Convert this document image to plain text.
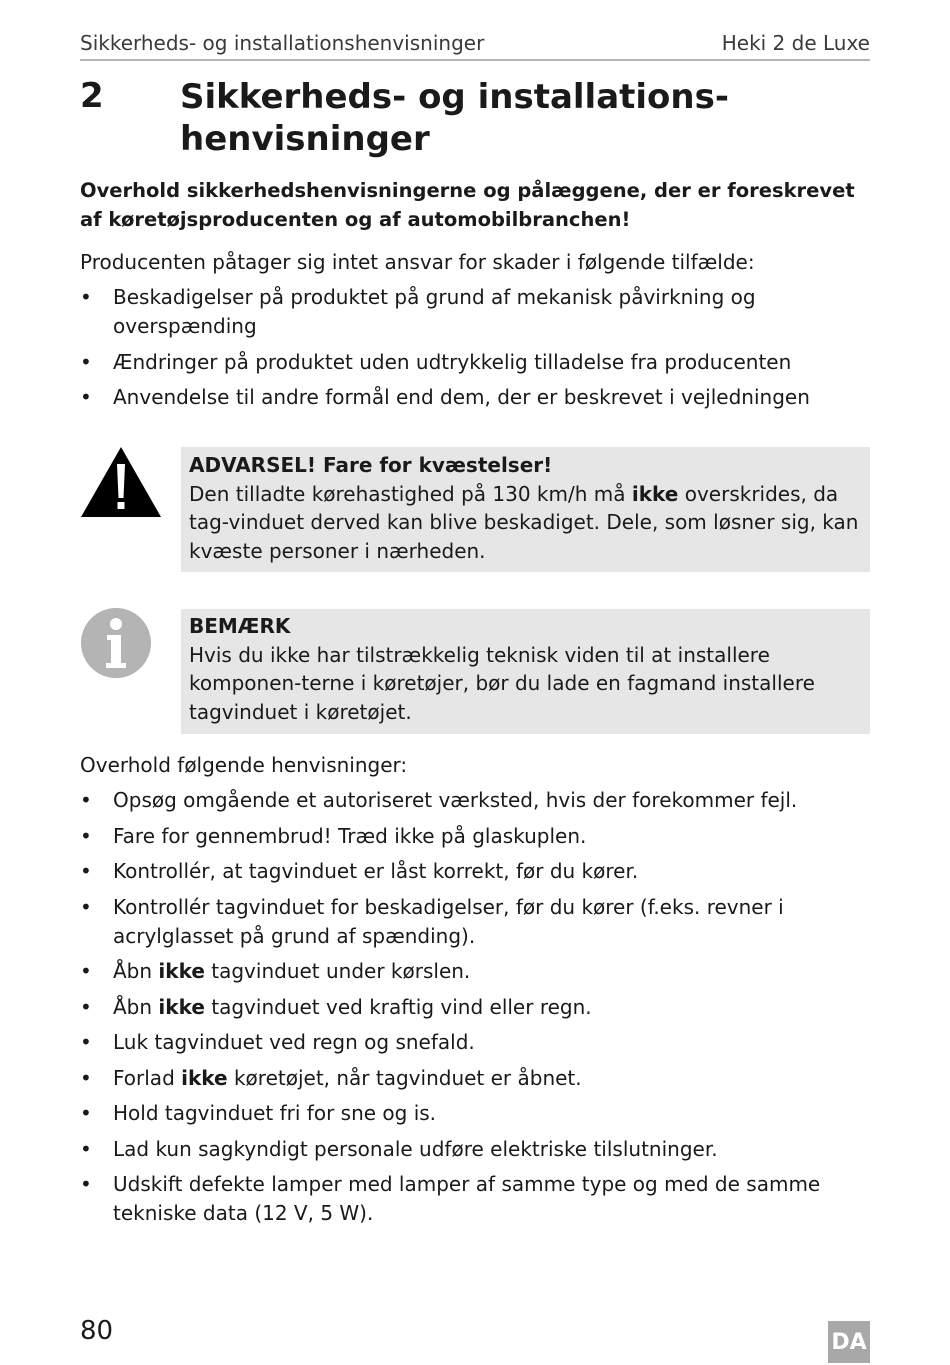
Sikkerheds- og installationshenvisninger	Heki 2 de Luxe
2 Sikkerheds- og installations-
henvisninger
Overhold sikkerhedshenvisningerne og pålæggene, der er foreskrevet af køretøjsproducenten og af automobilbranchen!
Producenten påtager sig intet ansvar for skader i følgende tilfælde:
• Beskadigelser på produktet på grund af mekanisk påvirkning og overspænding
• Ændringer på produktet uden udtrykkelig tilladelse fra producenten
• Anvendelse til andre formål end dem, der er beskrevet i vejledningen
ADVARSEL! Fare for kvæstelser!
Den tilladte kørehastighed på 130 km/h må ikke overskrides, da tag-vinduet derved kan blive beskadiget. Dele, som løsner sig, kan kvæste personer i nærheden.
BEMÆRK
Hvis du ikke har tilstrækkelig teknisk viden til at installere komponen-terne i køretøjer, bør du lade en fagmand installere tagvinduet i køretøjet.
Overhold følgende henvisninger:
• Opsøg omgående et autoriseret værksted, hvis der forekommer fejl.
• Fare for gennembrud! Træd ikke på glaskuplen.
• Kontrollér, at tagvinduet er låst korrekt, før du kører.
• Kontrollér tagvinduet for beskadigelser, før du kører (f.eks. revner i acrylglasset på grund af spænding).
• Åbn ikke tagvinduet under kørslen.
• Åbn ikke tagvinduet ved kraftig vind eller regn.
• Luk tagvinduet ved regn og snefald.
• Forlad ikke køretøjet, når tagvinduet er åbnet.
• Hold tagvinduet fri for sne og is.
• Lad kun sagkyndigt personale udføre elektriske tilslutninger.
• Udskift defekte lamper med lamper af samme type og med de samme tekniske data (12 V, 5 W).
80	DA
